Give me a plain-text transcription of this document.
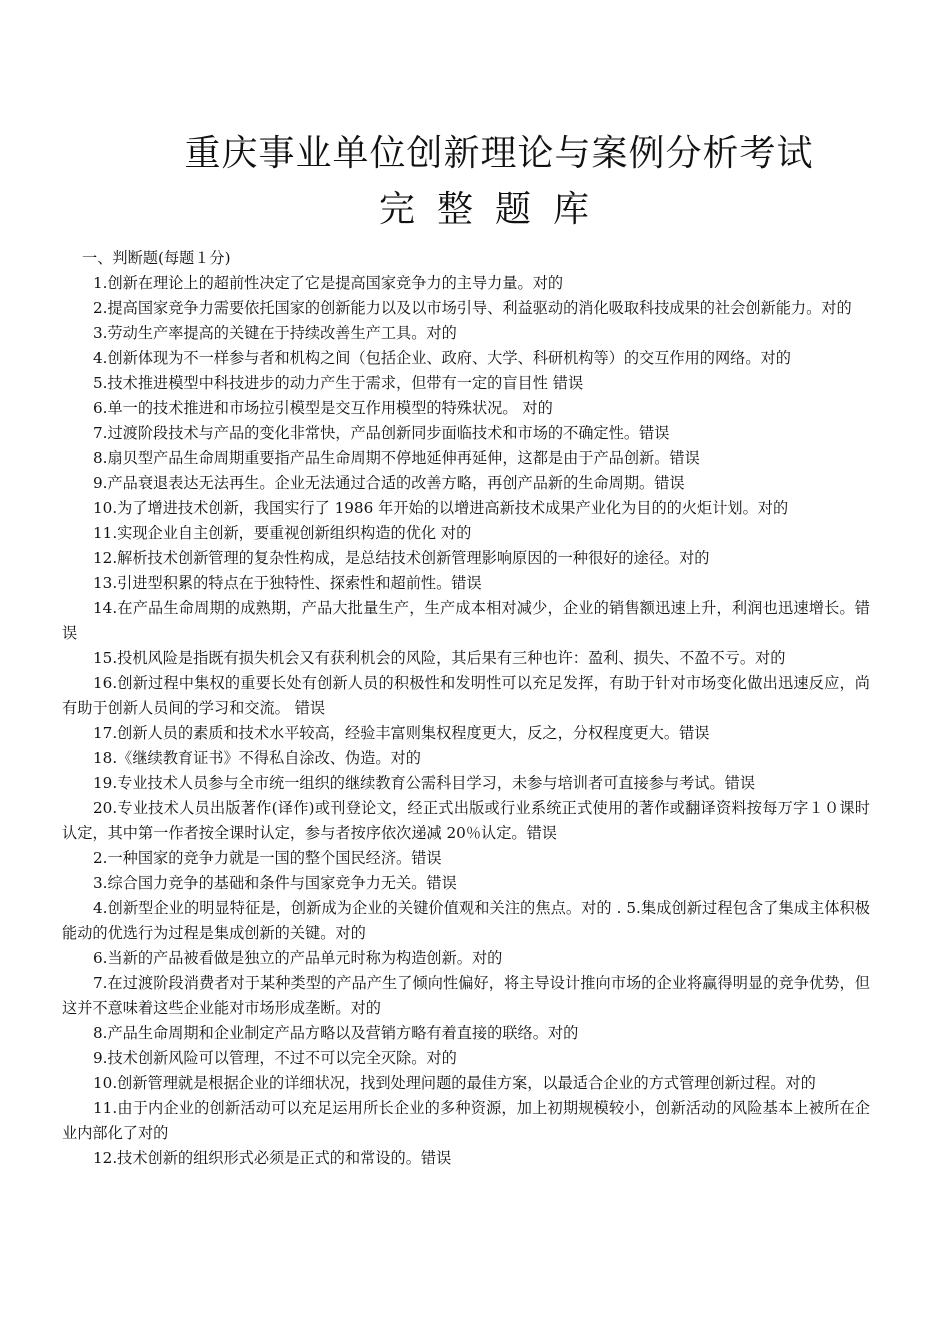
重庆事业单位创新理论与案例分析考试
完整题库

一、判断题(每题１分)

1.创新在理论上的超前性决定了它是提高国家竞争力的主导力量。对的

2.提高国家竞争力需要依托国家的创新能力以及以市场引导、利益驱动的消化吸取科技成果的社会创新能力。对的

3.劳动生产率提高的关键在于持续改善生产工具。对的

4.创新体现为不一样参与者和机构之间（包括企业、政府、大学、科研机构等）的交互作用的网络。对的

5.技术推进模型中科技进步的动力产生于需求，但带有一定的盲目性 错误

6.单一的技术推进和市场拉引模型是交互作用模型的特殊状况。 对的

7.过渡阶段技术与产品的变化非常快，产品创新同步面临技术和市场的不确定性。错误

8.扇贝型产品生命周期重要指产品生命周期不停地延伸再延伸，这都是由于产品创新。错误

9.产品衰退表达无法再生。企业无法通过合适的改善方略，再创产品新的生命周期。错误

10.为了增进技术创新，我国实行了 1986 年开始的以增进高新技术成果产业化为目的的火炬计划。对的

11.实现企业自主创新，要重视创新组织构造的优化 对的

12.解析技术创新管理的复杂性构成，是总结技术创新管理影响原因的一种很好的途径。对的

13.引进型积累的特点在于独特性、探索性和超前性。错误

14.在产品生命周期的成熟期，产品大批量生产，生产成本相对减少，企业的销售额迅速上升，利润也迅速增长。错误

15.投机风险是指既有损失机会又有获利机会的风险，其后果有三种也许：盈利、损失、不盈不亏。对的

16.创新过程中集权的重要长处有创新人员的积极性和发明性可以充足发挥，有助于针对市场变化做出迅速反应，尚有助于创新人员间的学习和交流。 错误

17.创新人员的素质和技术水平较高，经验丰富则集权程度更大，反之，分权程度更大。错误

18.《继续教育证书》不得私自涂改、伪造。对的

19.专业技术人员参与全市统一组织的继续教育公需科目学习，未参与培训者可直接参与考试。错误

20.专业技术人员出版著作(译作)或刊登论文，经正式出版或行业系统正式使用的著作或翻译资料按每万字１０课时认定，其中第一作者按全课时认定，参与者按序依次递减 20％认定。错误

2.一种国家的竞争力就是一国的整个国民经济。错误

3.综合国力竞争的基础和条件与国家竞争力无关。错误

4.创新型企业的明显特征是，创新成为企业的关键价值观和关注的焦点。对的 . 5.集成创新过程包含了集成主体积极能动的优选行为过程是集成创新的关键。对的

6.当新的产品被看做是独立的产品单元时称为构造创新。对的

7.在过渡阶段消费者对于某种类型的产品产生了倾向性偏好，将主导设计推向市场的企业将赢得明显的竞争优势，但这并不意味着这些企业能对市场形成垄断。对的

8.产品生命周期和企业制定产品方略以及营销方略有着直接的联络。对的

9.技术创新风险可以管理，不过不可以完全灭除。对的

10.创新管理就是根据企业的详细状况，找到处理问题的最佳方案，以最适合企业的方式管理创新过程。对的

11.由于内企业的创新活动可以充足运用所长企业的多种资源，加上初期规模较小，创新活动的风险基本上被所在企业内部化了对的

12.技术创新的组织形式必须是正式的和常设的。错误
